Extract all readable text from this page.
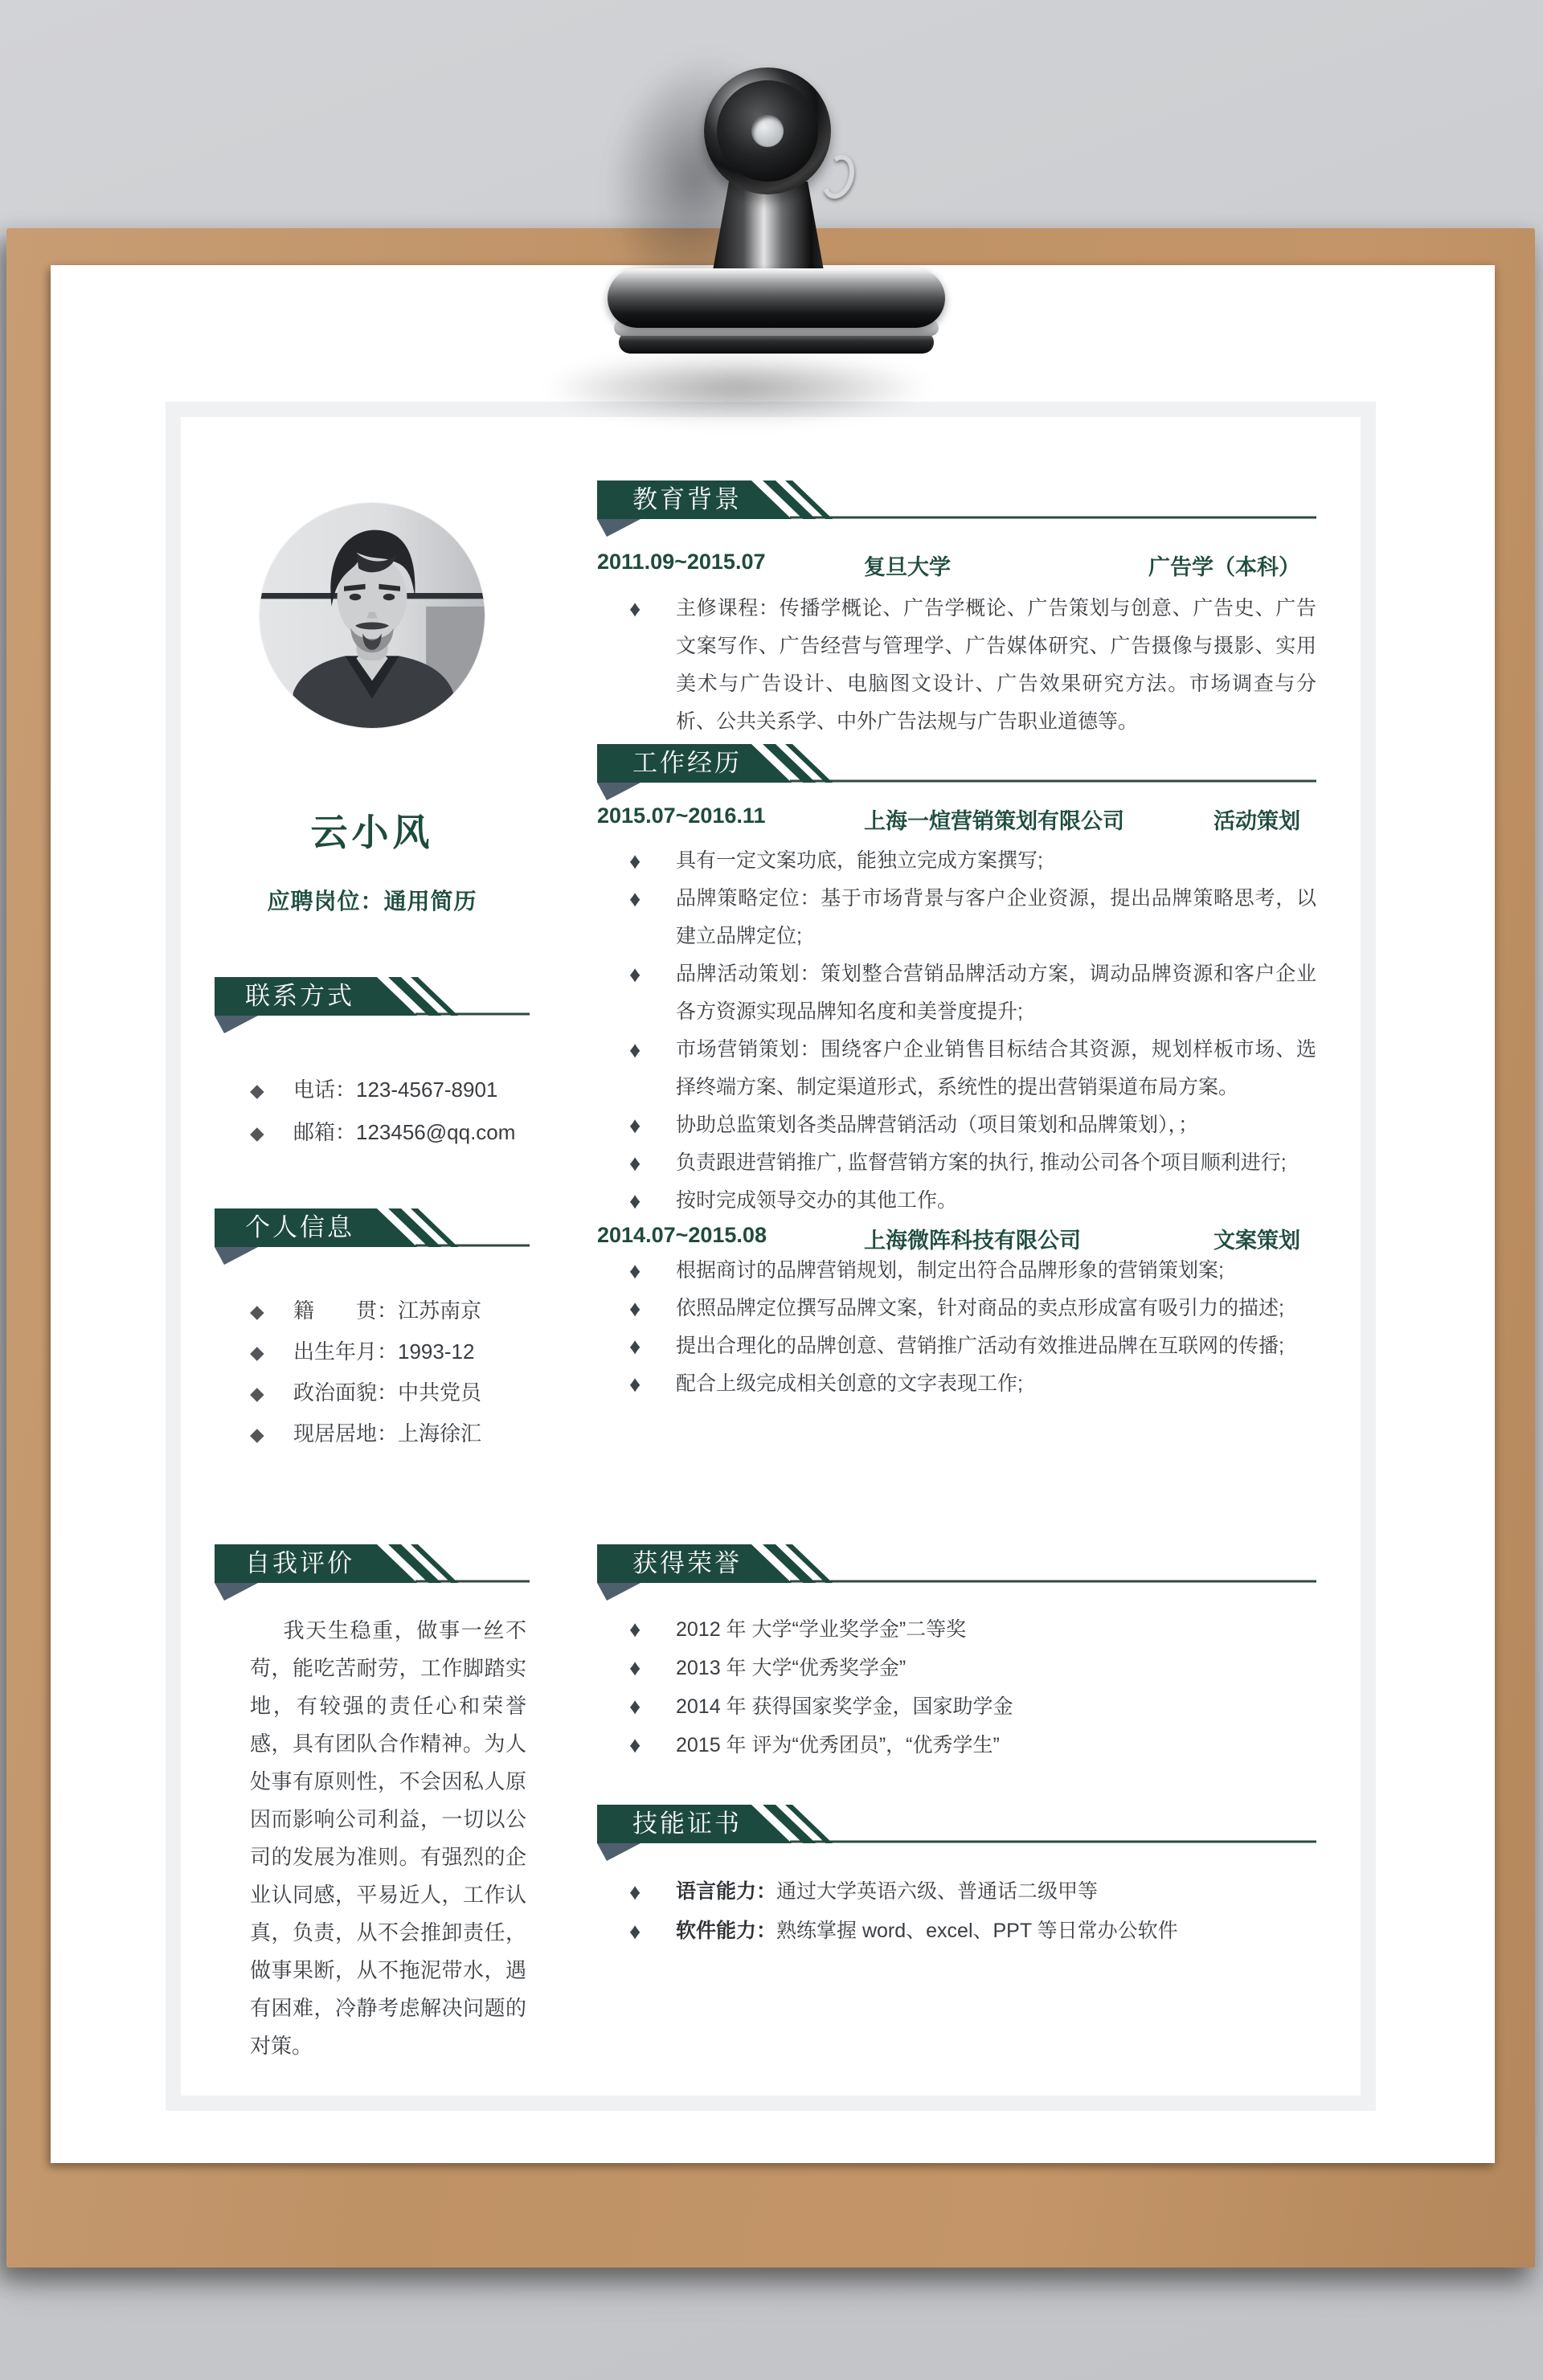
云小风
应聘岗位：通用简历
联系方式
◆ 电话：123-4567-8901
◆ 邮箱：123456@qq.com
个人信息
◆ 籍　　贯：江苏南京
◆ 出生年月：1993-12
◆ 政治面貌：中共党员
◆ 现居居地：上海徐汇
自我评价
我天生稳重，做事一丝不苟，能吃苦耐劳，工作脚踏实地，有较强的责任心和荣誉感，具有团队合作精神。为人处事有原则性，不会因私人原因而影响公司利益，一切以公司的发展为准则。有强烈的企业认同感，平易近人，工作认真，负责，从不会推卸责任，做事果断，从不拖泥带水，遇有困难，冷静考虑解决问题的对策。
教育背景
2011.09~2015.07	复旦大学	广告学（本科）
♦ 主修课程：传播学概论、广告学概论、广告策划与创意、广告史、广告文案写作、广告经营与管理学、广告媒体研究、广告摄像与摄影、实用美术与广告设计、电脑图文设计、广告效果研究方法。市场调查与分析、公共关系学、中外广告法规与广告职业道德等。
工作经历
2015.07~2016.11	上海一煊营销策划有限公司	活动策划
♦ 具有一定文案功底，能独立完成方案撰写;
♦ 品牌策略定位：基于市场背景与客户企业资源，提出品牌策略思考，以建立品牌定位;
♦ 品牌活动策划：策划整合营销品牌活动方案，调动品牌资源和客户企业各方资源实现品牌知名度和美誉度提升;
♦ 市场营销策划：围绕客户企业销售目标结合其资源，规划样板市场、选择终端方案、制定渠道形式，系统性的提出营销渠道布局方案。
♦ 协助总监策划各类品牌营销活动（项目策划和品牌策划），；
♦ 负责跟进营销推广, 监督营销方案的执行, 推动公司各个项目顺利进行;
♦ 按时完成领导交办的其他工作。
2014.07~2015.08	上海微阵科技有限公司	文案策划
♦ 根据商讨的品牌营销规划，制定出符合品牌形象的营销策划案;
♦ 依照品牌定位撰写品牌文案，针对商品的卖点形成富有吸引力的描述;
♦ 提出合理化的品牌创意、营销推广活动有效推进品牌在互联网的传播;
♦ 配合上级完成相关创意的文字表现工作;
获得荣誉
♦ 2012 年 大学“学业奖学金”二等奖
♦ 2013 年 大学“优秀奖学金”
♦ 2014 年 获得国家奖学金，国家助学金
♦ 2015 年 评为“优秀团员”，“优秀学生”
技能证书
♦ 语言能力：通过大学英语六级、普通话二级甲等
♦ 软件能力：熟练掌握 word、excel、PPT 等日常办公软件
